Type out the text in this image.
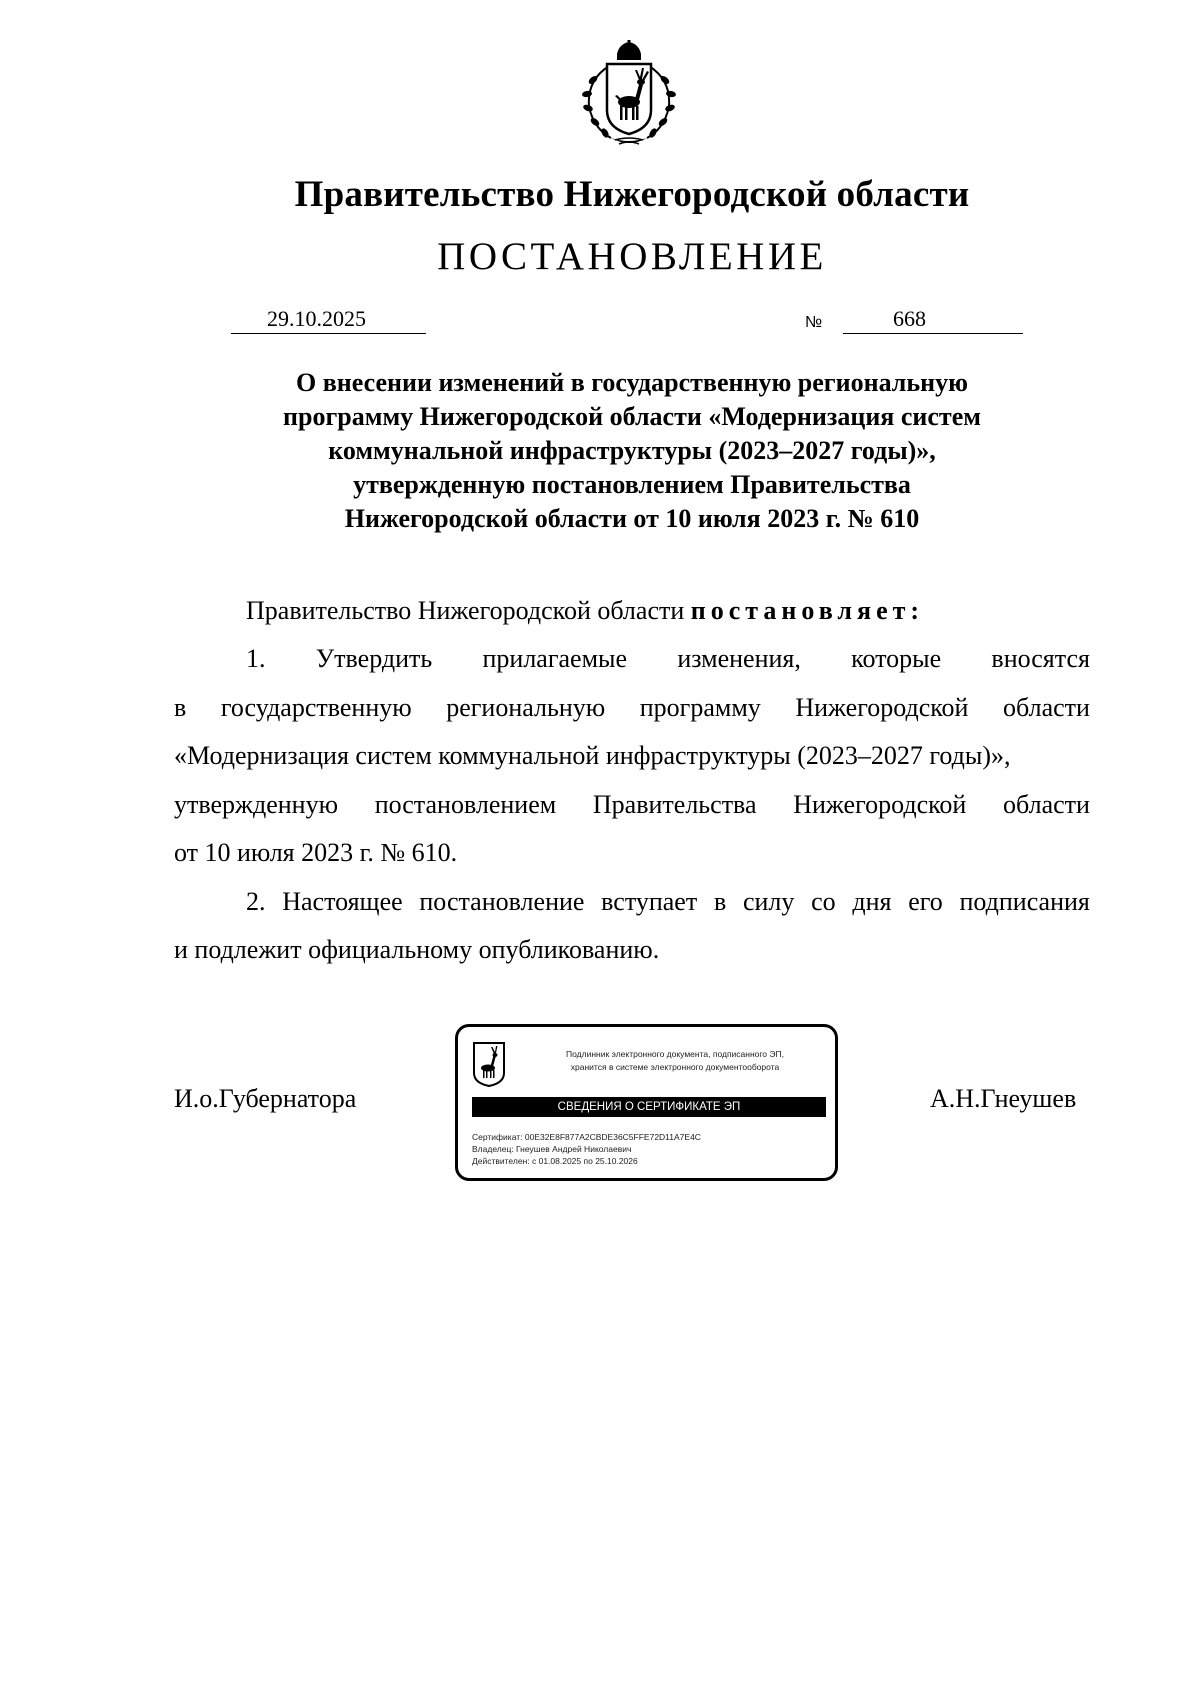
Правительство Нижегородской области
ПОСТАНОВЛЕНИЕ
29.10.2025	№	668
О внесении изменений в государственную региональную
программу Нижегородской области «Модернизация систем
коммунальной инфраструктуры (2023–2027 годы)»,
утвержденную постановлением Правительства
Нижегородской области от 10 июля 2023 г. № 610
Правительство Нижегородской области постановляет:
1. Утвердить прилагаемые изменения, которые вносятся
в государственную региональную программу Нижегородской области
«Модернизация систем коммунальной инфраструктуры (2023–2027 годы)»,
утвержденную постановлением Правительства Нижегородской области
от 10 июля 2023 г. № 610.
2. Настоящее постановление вступает в силу со дня его подписания
и подлежит официальному опубликованию.
И.о.Губернатора	А.Н.Гнеушев
Подлинник электронного документа, подписанного ЭП,
хранится в системе электронного документооборота
СВЕДЕНИЯ О СЕРТИФИКАТЕ ЭП
Сертификат: 00E32E8F877A2CBDE36C5FFE72D11A7E4C
Владелец: Гнеушев Андрей Николаевич
Действителен: с 01.08.2025 по 25.10.2026
